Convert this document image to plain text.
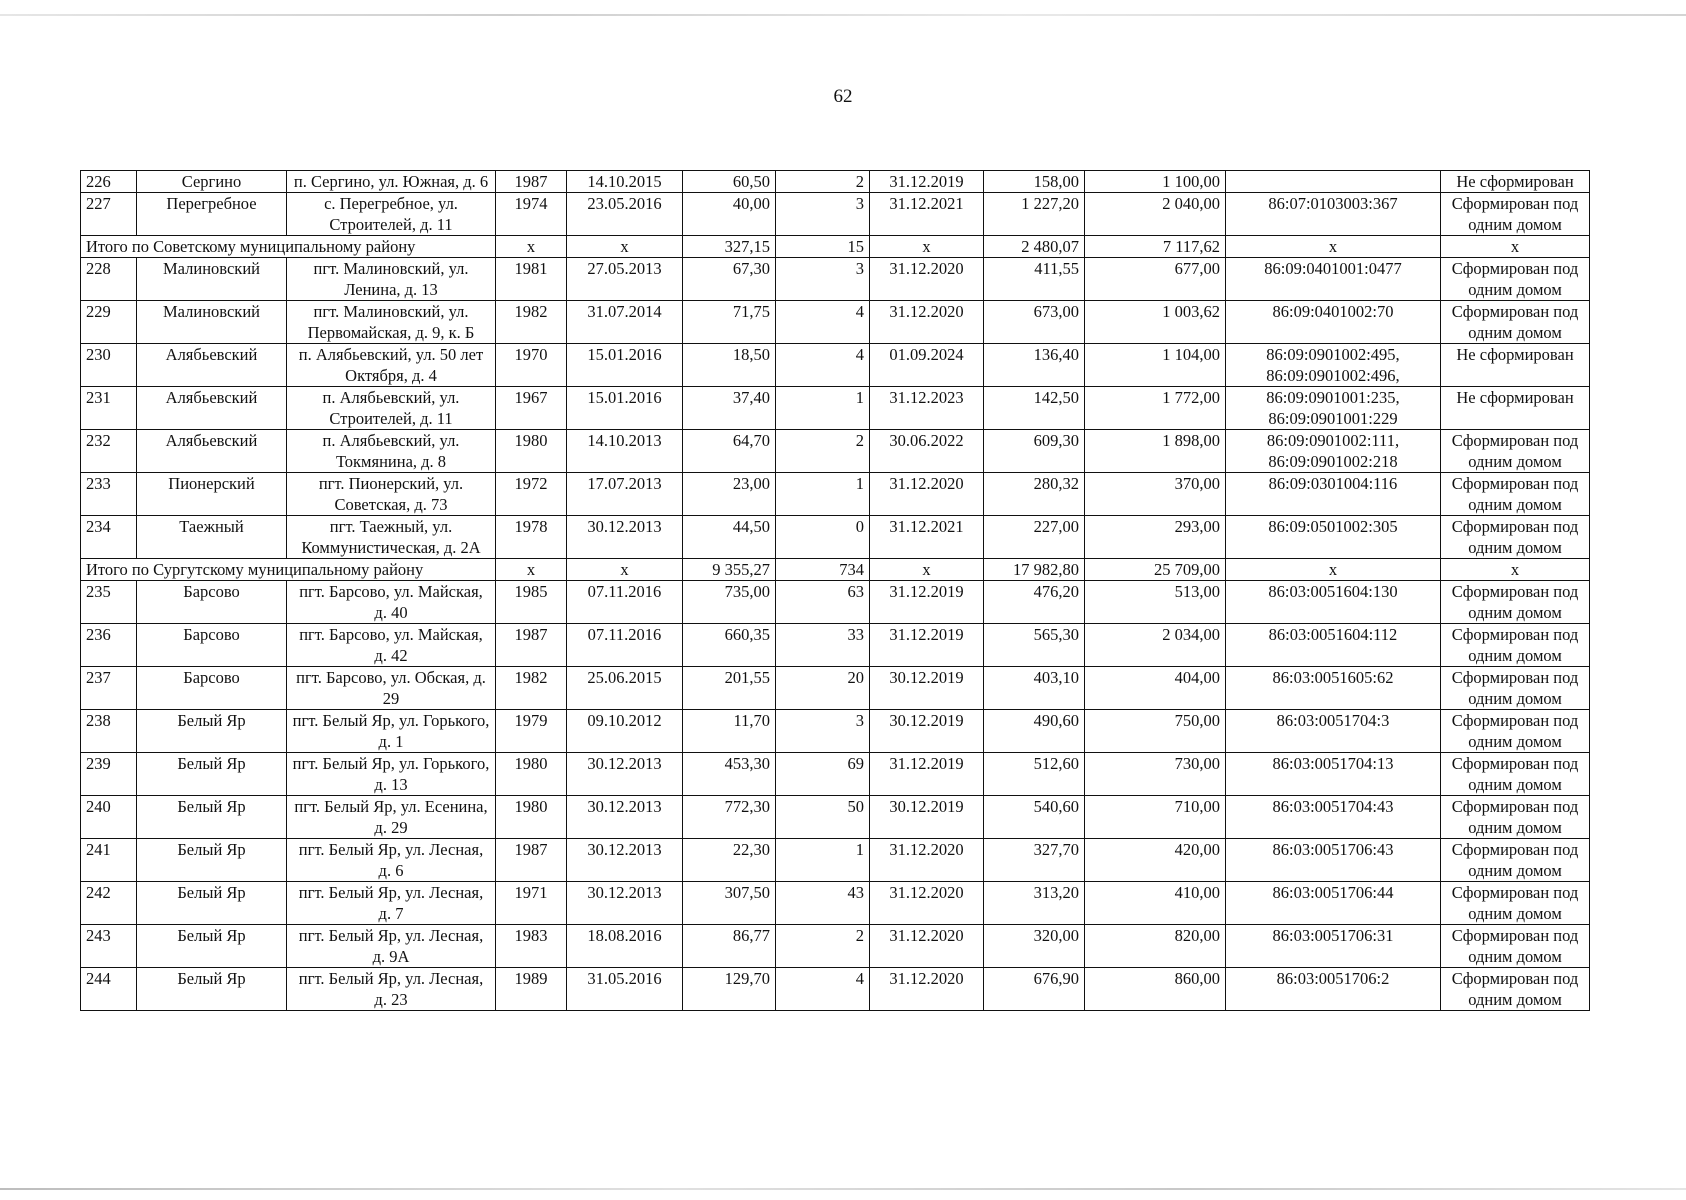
62
226	Сергино	п. Сергино, ул. Южная, д. 6	1987	14.10.2015	60,50	2	31.12.2019	158,00	1 100,00		Не сформирован
227	Перегребное	с. Перегребное, ул. Строителей, д. 11	1974	23.05.2016	40,00	3	31.12.2021	1 227,20	2 040,00	86:07:0103003:367	Сформирован под одним домом
Итого по Советскому муниципальному району			х	х	327,15	15	х	2 480,07	7 117,62	х	х
228	Малиновский	пгт. Малиновский, ул. Ленина, д. 13	1981	27.05.2013	67,30	3	31.12.2020	411,55	677,00	86:09:0401001:0477	Сформирован под одним домом
229	Малиновский	пгт. Малиновский, ул. Первомайская, д. 9, к. Б	1982	31.07.2014	71,75	4	31.12.2020	673,00	1 003,62	86:09:0401002:70	Сформирован под одним домом
230	Алябьевский	п. Алябьевский, ул. 50 лет Октября, д. 4	1970	15.01.2016	18,50	4	01.09.2024	136,40	1 104,00	86:09:0901002:495, 86:09:0901002:496,	Не сформирован
231	Алябьевский	п. Алябьевский, ул. Строителей, д. 11	1967	15.01.2016	37,40	1	31.12.2023	142,50	1 772,00	86:09:0901001:235, 86:09:0901001:229	Не сформирован
232	Алябьевский	п. Алябьевский, ул. Токмянина, д. 8	1980	14.10.2013	64,70	2	30.06.2022	609,30	1 898,00	86:09:0901002:111, 86:09:0901002:218	Сформирован под одним домом
233	Пионерский	пгт. Пионерский, ул. Советская, д. 73	1972	17.07.2013	23,00	1	31.12.2020	280,32	370,00	86:09:0301004:116	Сформирован под одним домом
234	Таежный	пгт. Таежный, ул. Коммунистическая, д. 2А	1978	30.12.2013	44,50	0	31.12.2021	227,00	293,00	86:09:0501002:305	Сформирован под одним домом
Итого по Сургутскому муниципальному району			х	х	9 355,27	734	х	17 982,80	25 709,00	х	х
235	Барсово	пгт. Барсово, ул. Майская, д. 40	1985	07.11.2016	735,00	63	31.12.2019	476,20	513,00	86:03:0051604:130	Сформирован под одним домом
236	Барсово	пгт. Барсово, ул. Майская, д. 42	1987	07.11.2016	660,35	33	31.12.2019	565,30	2 034,00	86:03:0051604:112	Сформирован под одним домом
237	Барсово	пгт. Барсово, ул. Обская, д. 29	1982	25.06.2015	201,55	20	30.12.2019	403,10	404,00	86:03:0051605:62	Сформирован под одним домом
238	Белый Яр	пгт. Белый Яр, ул. Горького, д. 1	1979	09.10.2012	11,70	3	30.12.2019	490,60	750,00	86:03:0051704:3	Сформирован под одним домом
239	Белый Яр	пгт. Белый Яр, ул. Горького, д. 13	1980	30.12.2013	453,30	69	31.12.2019	512,60	730,00	86:03:0051704:13	Сформирован под одним домом
240	Белый Яр	пгт. Белый Яр, ул. Есенина, д. 29	1980	30.12.2013	772,30	50	30.12.2019	540,60	710,00	86:03:0051704:43	Сформирован под одним домом
241	Белый Яр	пгт. Белый Яр, ул. Лесная, д. 6	1987	30.12.2013	22,30	1	31.12.2020	327,70	420,00	86:03:0051706:43	Сформирован под одним домом
242	Белый Яр	пгт. Белый Яр, ул. Лесная, д. 7	1971	30.12.2013	307,50	43	31.12.2020	313,20	410,00	86:03:0051706:44	Сформирован под одним домом
243	Белый Яр	пгт. Белый Яр, ул. Лесная, д. 9А	1983	18.08.2016	86,77	2	31.12.2020	320,00	820,00	86:03:0051706:31	Сформирован под одним домом
244	Белый Яр	пгт. Белый Яр, ул. Лесная, д. 23	1989	31.05.2016	129,70	4	31.12.2020	676,90	860,00	86:03:0051706:2	Сформирован под одним домом
